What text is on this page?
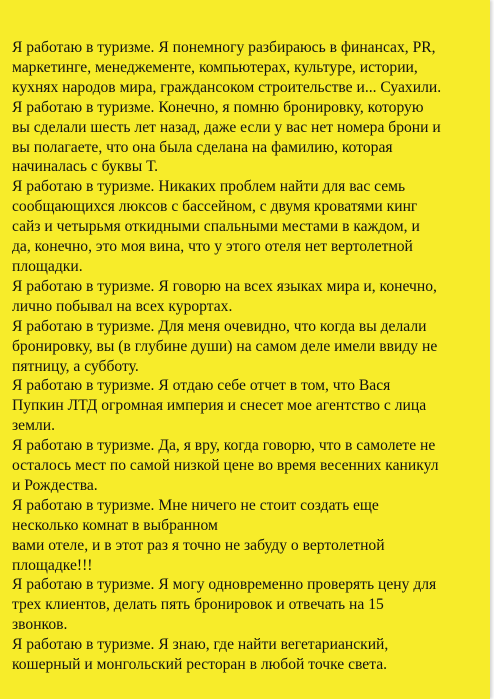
Я работаю в туризме. Я понемногу разбираюсь в финансах, PR,
маркетинге, менеджементе, компьютерах, культуре, истории,
кухнях народов мира, граждансоком строительстве и... Суахили.
Я работаю в туризме. Конечно, я помню бронировку, которую
вы сделали шесть лет назад, даже если у вас нет номера брони и
вы полагаете, что она была сделана на фамилию, которая
начиналась с буквы Т.
Я работаю в туризме. Никаких проблем найти для вас семь
сообщающихся люксов с бассейном, с двумя кроватями кинг
сайз и четырьмя откидными спальными местами в каждом, и
да, конечно, это моя вина, что у этого отеля нет вертолетной
площадки.
Я работаю в туризме. Я говорю на всех языках мира и, конечно,
лично побывал на всех курортах.
Я работаю в туризме. Для меня очевидно, что когда вы делали
бронировку, вы (в глубине души) на самом деле имели ввиду не
пятницу, а субботу.
Я работаю в туризме. Я отдаю себе отчет в том, что Вася
Пупкин ЛТД огромная империя и снесет мое агентство с лица
земли.
Я работаю в туризме. Да, я вру, когда говорю, что в самолете не
осталось мест по самой низкой цене во время весенних каникул
и Рождества.
Я работаю в туризме. Мне ничего не стоит создать еще
несколько комнат в выбранном
вами отеле, и в этот раз я точно не забуду о вертолетной
площадке!!!
Я работаю в туризме. Я могу одновременно проверять цену для
трех клиентов, делать пять бронировок и отвечать на 15
звонков.
Я работаю в туризме. Я знаю, где найти вегетарианский,
кошерный и монгольский ресторан в любой точке света.
